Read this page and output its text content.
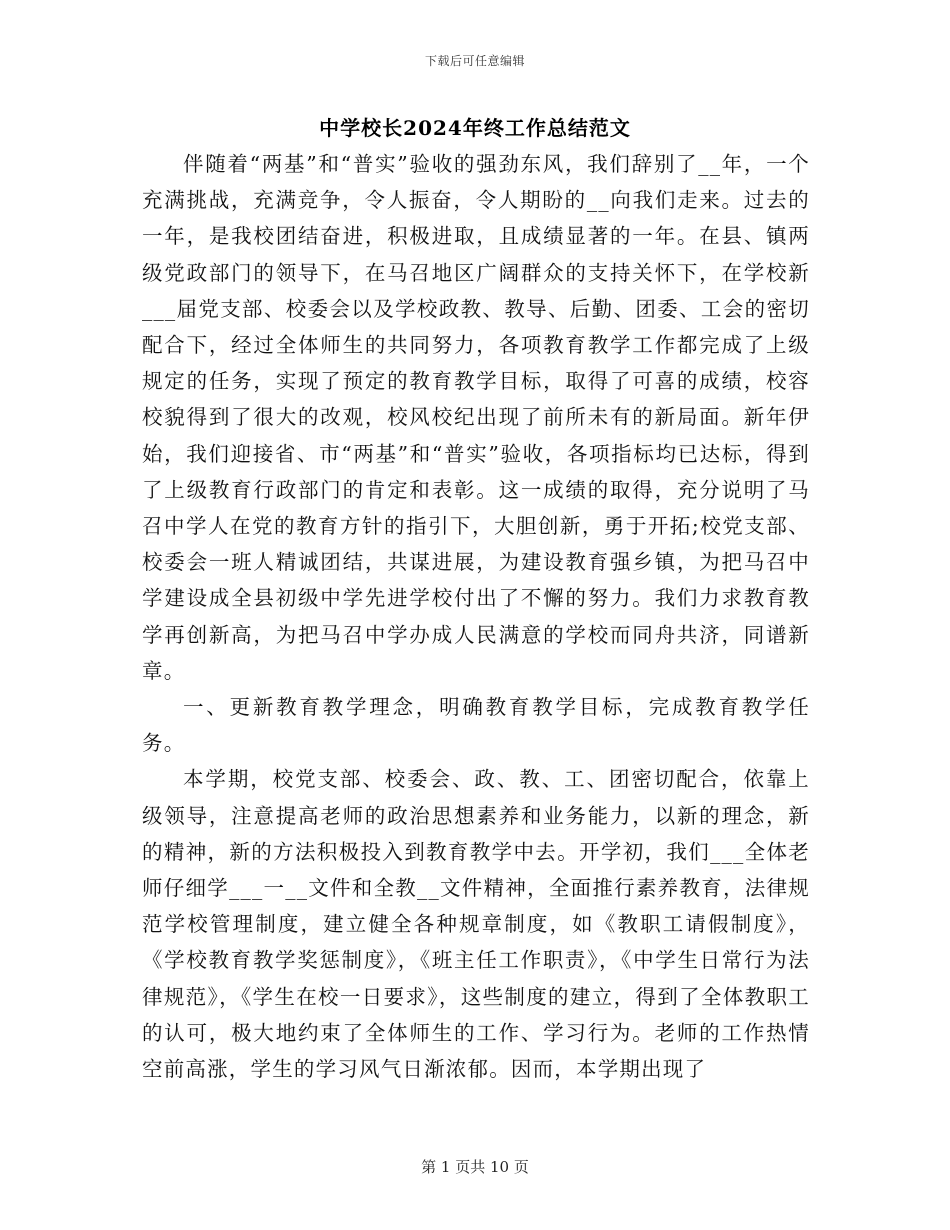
下载后可任意编辑
中学校长2024年终工作总结范文

伴随着“两基”和“普实”验收的强劲东风，我们辞别了__年，一个充满挑战，充满竞争，令人振奋，令人期盼的__向我们走来。过去的一年，是我校团结奋进，积极进取，且成绩显著的一年。在县、镇两级党政部门的领导下，在马召地区广阔群众的支持关怀下，在学校新___届党支部、校委会以及学校政教、教导、后勤、团委、工会的密切配合下，经过全体师生的共同努力，各项教育教学工作都完成了上级规定的任务，实现了预定的教育教学目标，取得了可喜的成绩，校容校貌得到了很大的改观，校风校纪出现了前所未有的新局面。新年伊始，我们迎接省、市“两基”和“普实”验收，各项指标均已达标，得到了上级教育行政部门的肯定和表彰。这一成绩的取得，充分说明了马召中学人在党的教育方针的指引下，大胆创新，勇于开拓;校党支部、校委会一班人精诚团结，共谋进展，为建设教育强乡镇，为把马召中学建设成全县初级中学先进学校付出了不懈的努力。我们力求教育教学再创新高，为把马召中学办成人民满意的学校而同舟共济，同谱新章。

一、更新教育教学理念，明确教育教学目标，完成教育教学任务。

本学期，校党支部、校委会、政、教、工、团密切配合，依靠上级领导，注意提高老师的政治思想素养和业务能力，以新的理念，新的精神，新的方法积极投入到教育教学中去。开学初，我们___全体老师仔细学___一__文件和全教__文件精神，全面推行素养教育，法律规范学校管理制度，建立健全各种规章制度，如《教职工请假制度》，《学校教育教学奖惩制度》，《班主任工作职责》，《中学生日常行为法律规范》，《学生在校一日要求》，这些制度的建立，得到了全体教职工的认可，极大地约束了全体师生的工作、学习行为。老师的工作热情空前高涨，学生的学习风气日渐浓郁。因而，本学期出现了

第 1 页共 10 页
